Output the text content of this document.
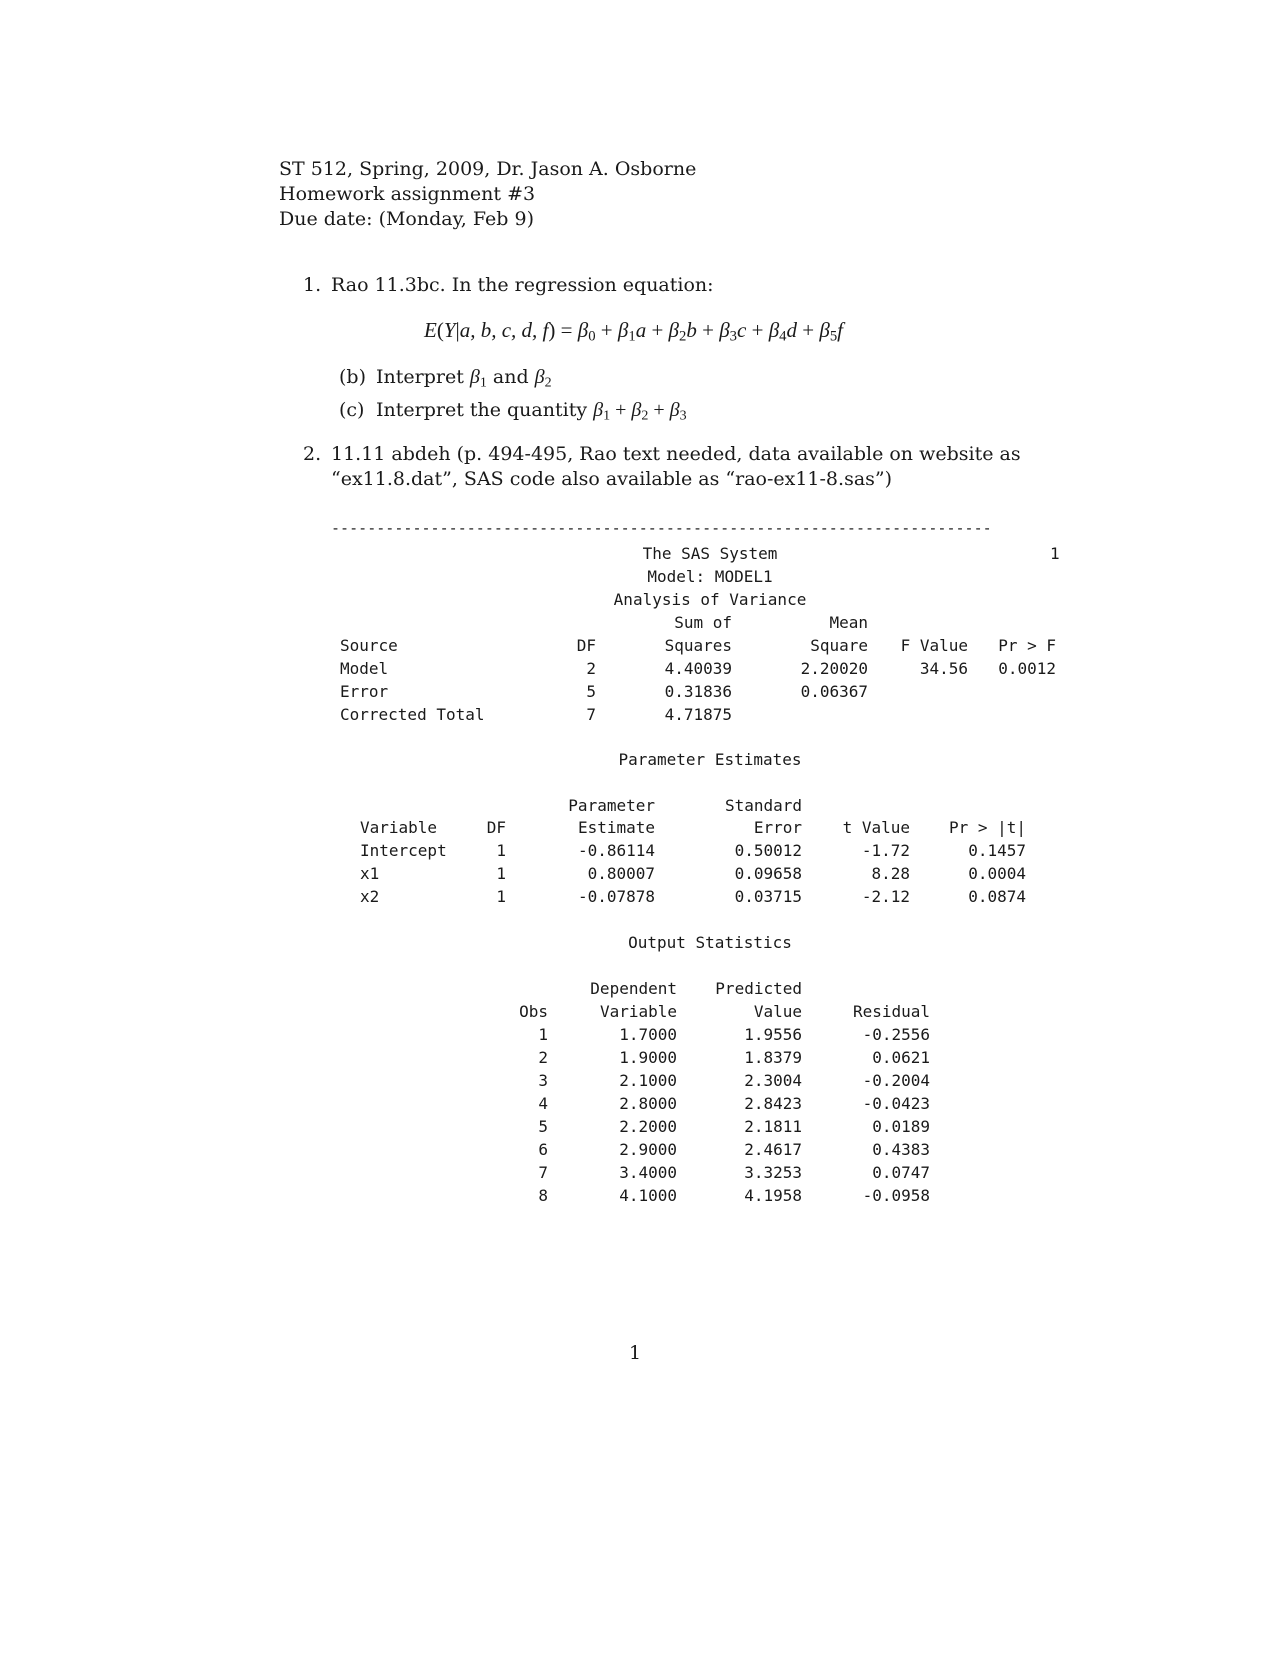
ST 512, Spring, 2009, Dr. Jason A. Osborne
Homework assignment #3
Due date: (Monday, Feb 9)
1. Rao 11.3bc. In the regression equation:
E(Y|a, b, c, d, $f) = \beta_0 + \beta_1a + \beta_2b + \beta_3c + \beta_4d + \beta_5f$
(b) Interpret $\beta_1$ and $\beta_2$
(c) Interpret the quantity $\beta_1 + \beta_2 + \beta_3$
2. 11.11 abdeh (p. 494-495, Rao text needed, data available on website as
“ex11.8.dat”, SAS code also available as “rao-ex11-8.sas”)
-------------------------------------------------------------------------
1
The SAS System
Model: MODEL1
Analysis of Variance
Sum of	Mean
Source	DF	Squares	Square	F Value	Pr > F
Model	2	4.40039	2.20020	34.56	0.0012
Error	5	0.31836	0.06367
Corrected Total	7	4.71875
Parameter Estimates
Parameter	Standard
Variable	DF	Estimate	Error	t Value	Pr > |t|
Intercept	1	-0.86114	0.50012	-1.72	0.1457
x1	1	0.80007	0.09658	8.28	0.0004
x2	1	-0.07878	0.03715	-2.12	0.0874
Output Statistics
Dependent	Predicted
Obs	Variable	Value	Residual
1	1.7000	1.9556	-0.2556
2	1.9000	1.8379	0.0621
3	2.1000	2.3004	-0.2004
4	2.8000	2.8423	-0.0423
5	2.2000	2.1811	0.0189
6	2.9000	2.4617	0.4383
7	3.4000	3.3253	0.0747
8	4.1000	4.1958	-0.0958
1
